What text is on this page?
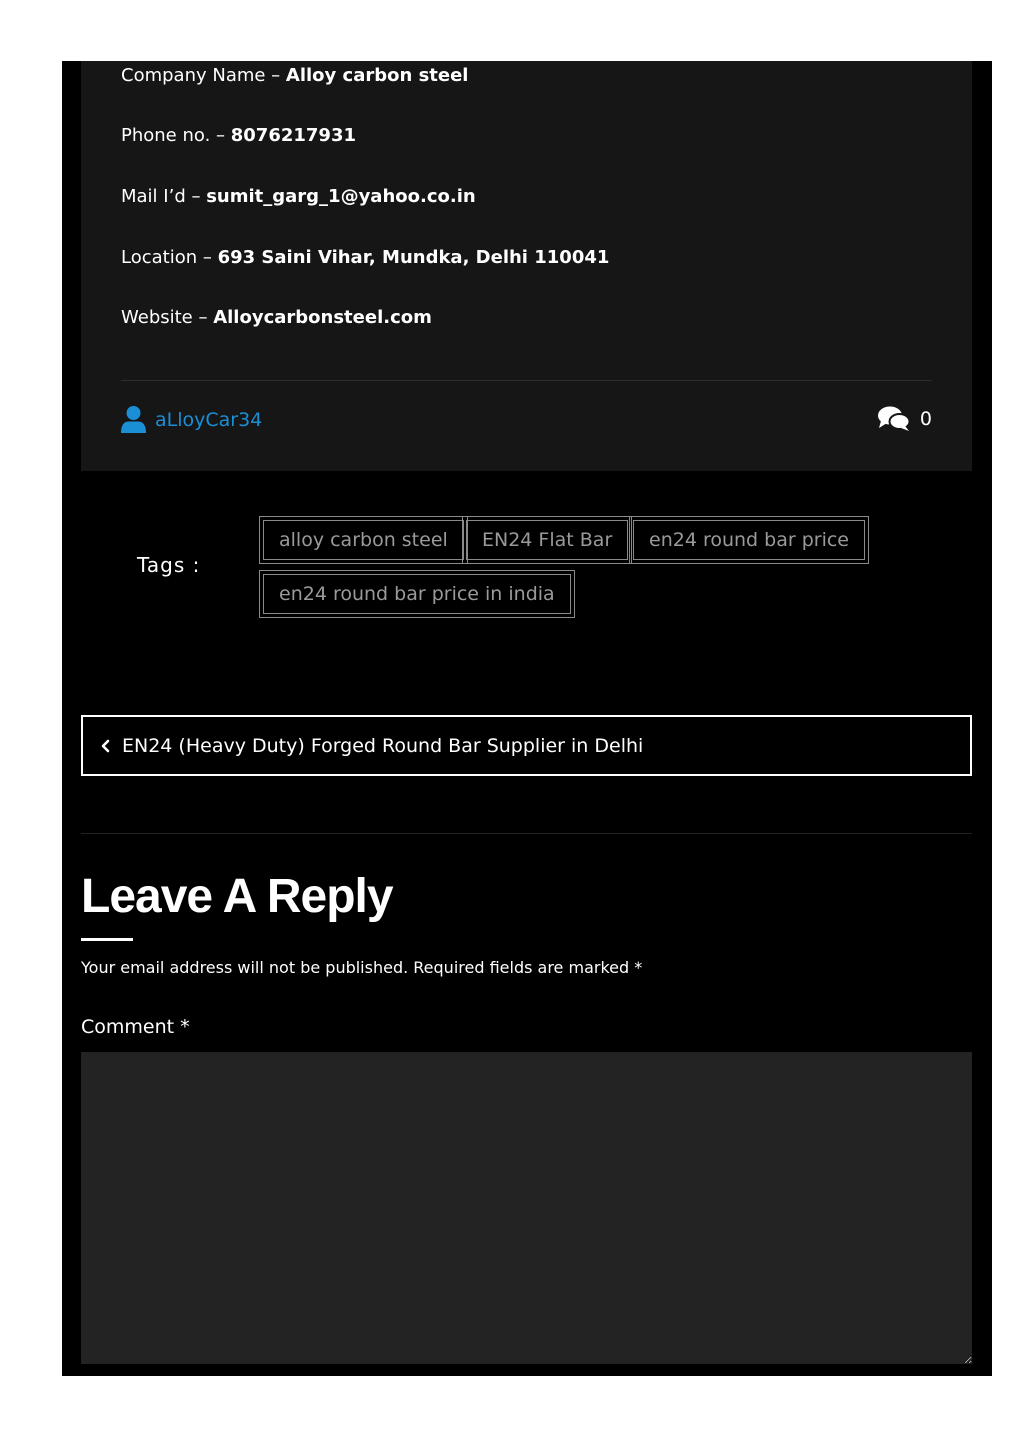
Company Name – Alloy carbon steel

Phone no. – 8076217931

Mail I’d – sumit_garg_1@yahoo.co.in

Location – 693 Saini Vihar, Mundka, Delhi 110041

Website – Alloycarbonsteel.com

aLloyCar34	0
Tags :
alloy carbon steel	EN24 Flat Bar	en24 round bar price
en24 round bar price in india
EN24 (Heavy Duty) Forged Round Bar Supplier in Delhi
Leave A Reply

Your email address will not be published. Required fields are marked *

Comment *
